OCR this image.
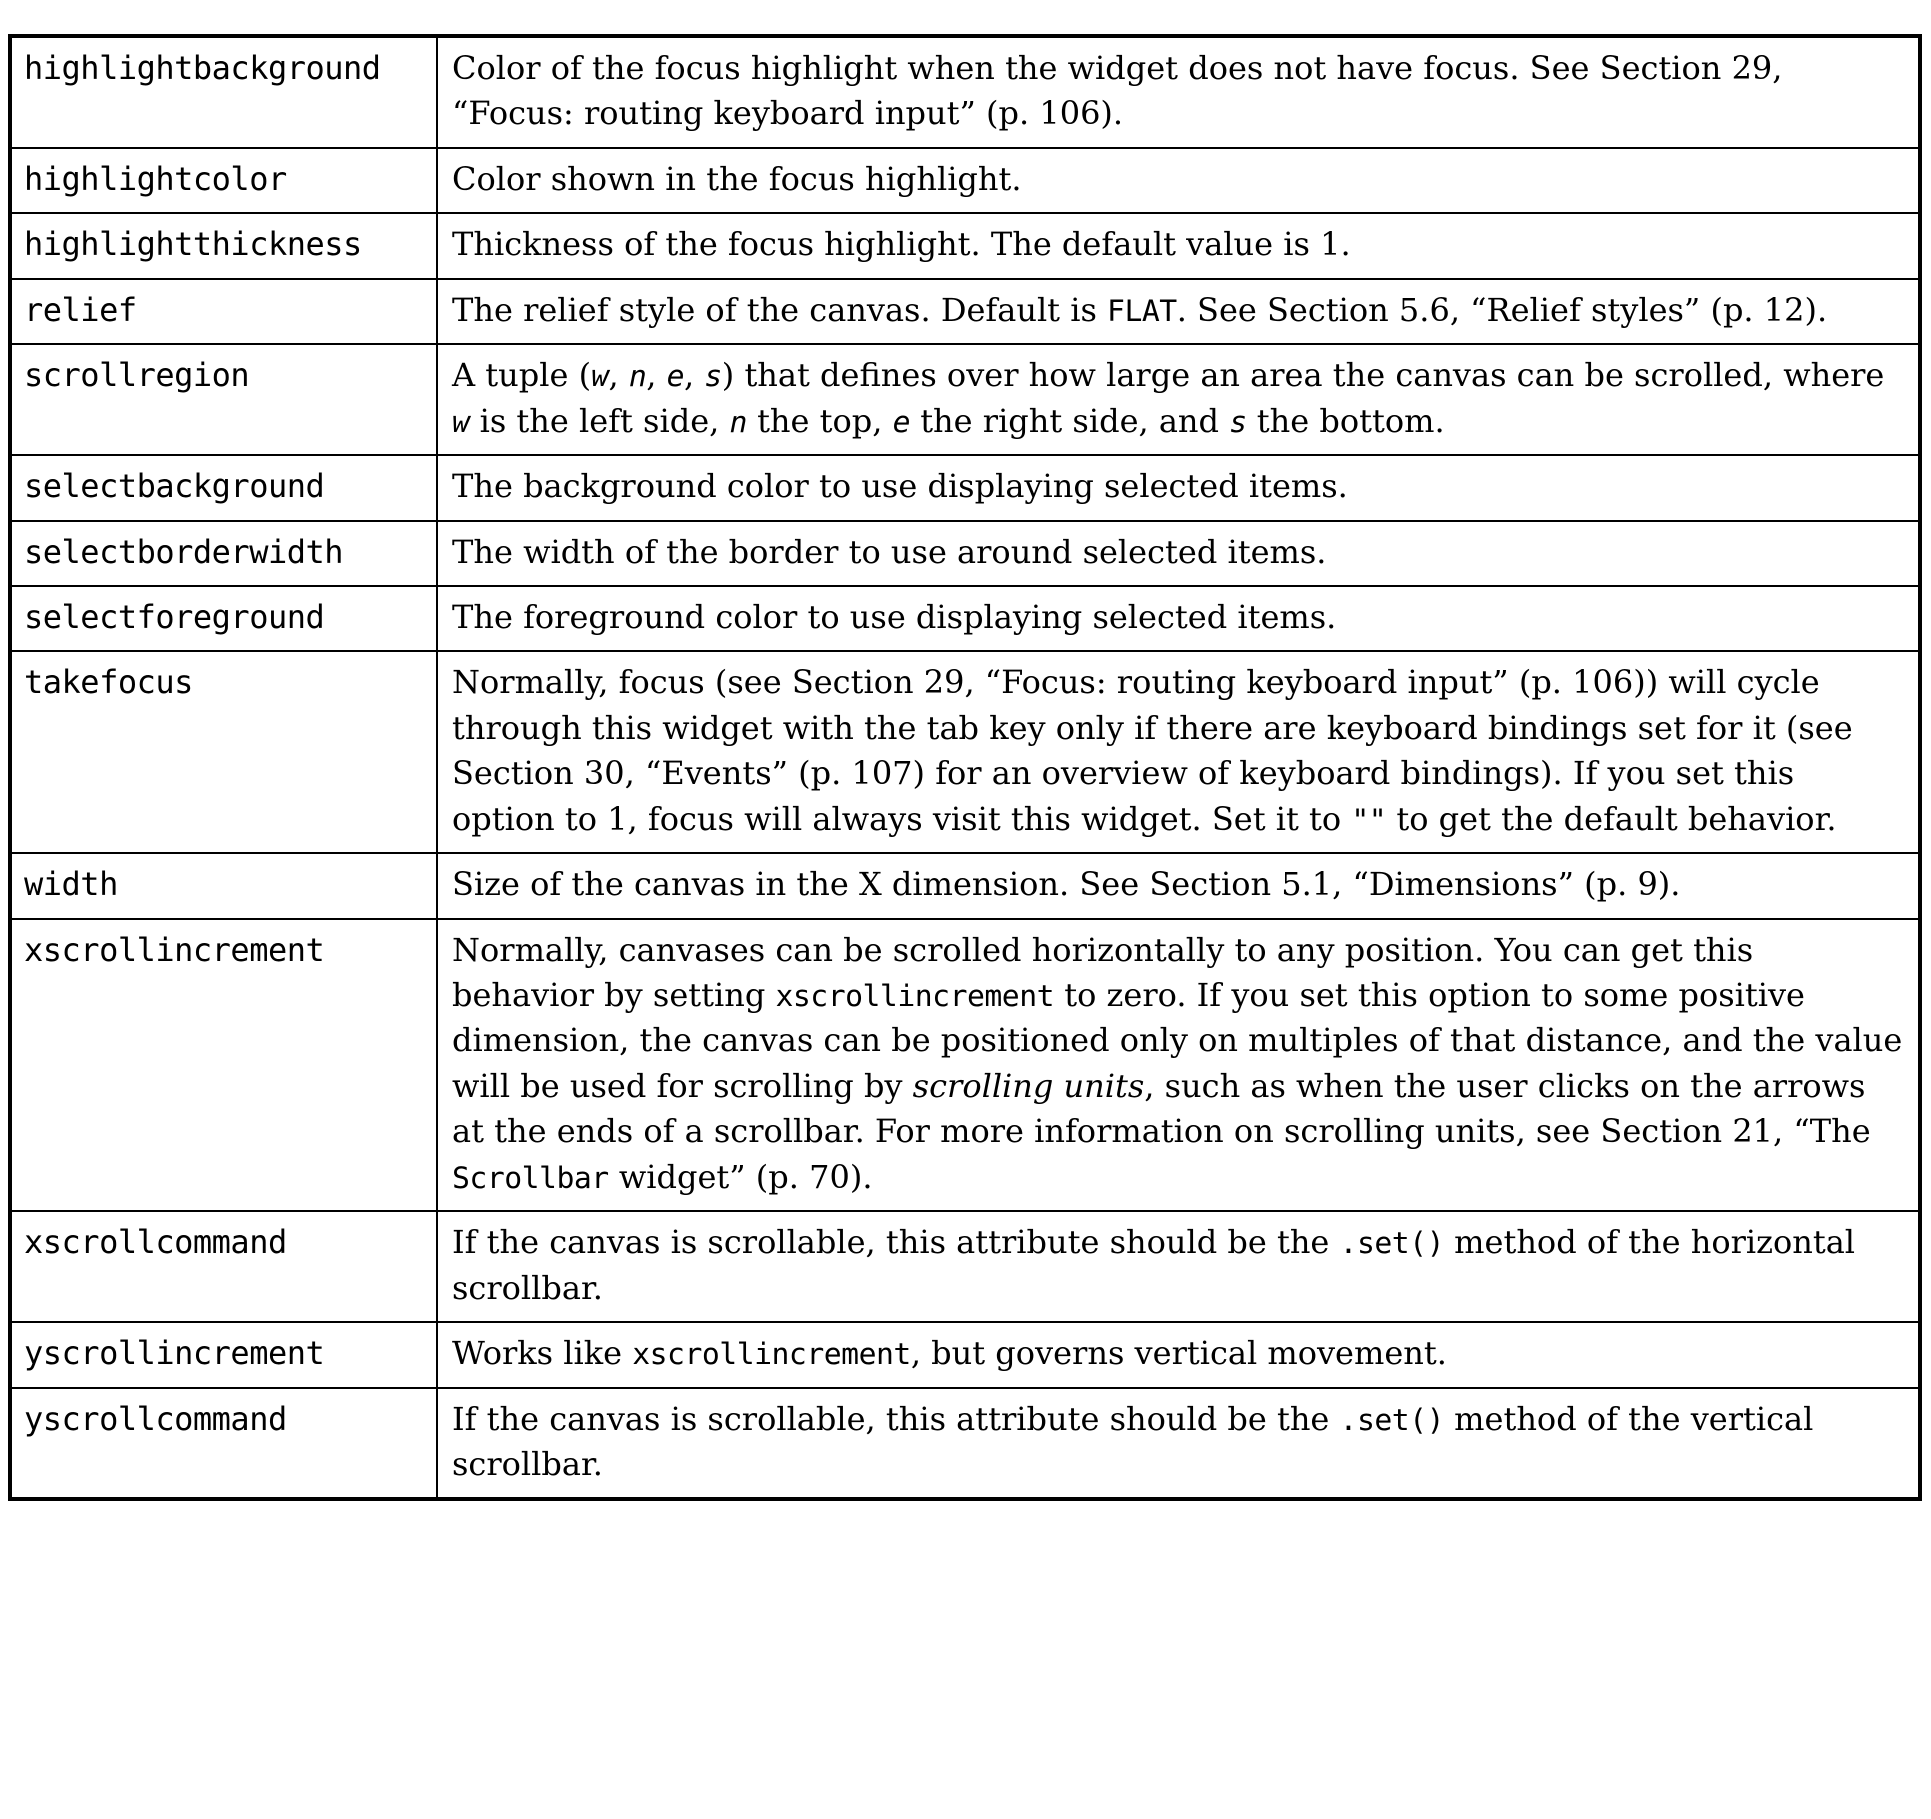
highlightbackground	Color of the focus highlight when the widget does not have focus. See Section 29, “Focus: routing keyboard input” (p. 106).
highlightcolor	Color shown in the focus highlight.
highlightthickness	Thickness of the focus highlight. The default value is 1.
relief	The relief style of the canvas. Default is FLAT. See Section 5.6, “Relief styles” (p. 12).
scrollregion	A tuple (w, n, e, s) that defines over how large an area the canvas can be scrolled, where w is the left side, n the top, e the right side, and s the bottom.
selectbackground	The background color to use displaying selected items.
selectborderwidth	The width of the border to use around selected items.
selectforeground	The foreground color to use displaying selected items.
takefocus	Normally, focus (see Section 29, “Focus: routing keyboard input” (p. 106)) will cycle through this widget with the tab key only if there are keyboard bindings set for it (see Section 30, “Events” (p. 107) for an overview of keyboard bindings). If you set this option to 1, focus will always visit this widget. Set it to "" to get the default behavior.
width	Size of the canvas in the X dimension. See Section 5.1, “Dimensions” (p. 9).
xscrollincrement	Normally, canvases can be scrolled horizontally to any position. You can get this behavior by setting xscrollincrement to zero. If you set this option to some positive dimension, the canvas can be positioned only on multiples of that distance, and the value will be used for scrolling by scrolling units, such as when the user clicks on the arrows at the ends of a scrollbar. For more information on scrolling units, see Section 21, “The Scrollbar widget” (p. 70).
xscrollcommand	If the canvas is scrollable, this attribute should be the .set() method of the horizontal scrollbar.
yscrollincrement	Works like xscrollincrement, but governs vertical movement.
yscrollcommand	If the canvas is scrollable, this attribute should be the .set() method of the vertical scrollbar.
